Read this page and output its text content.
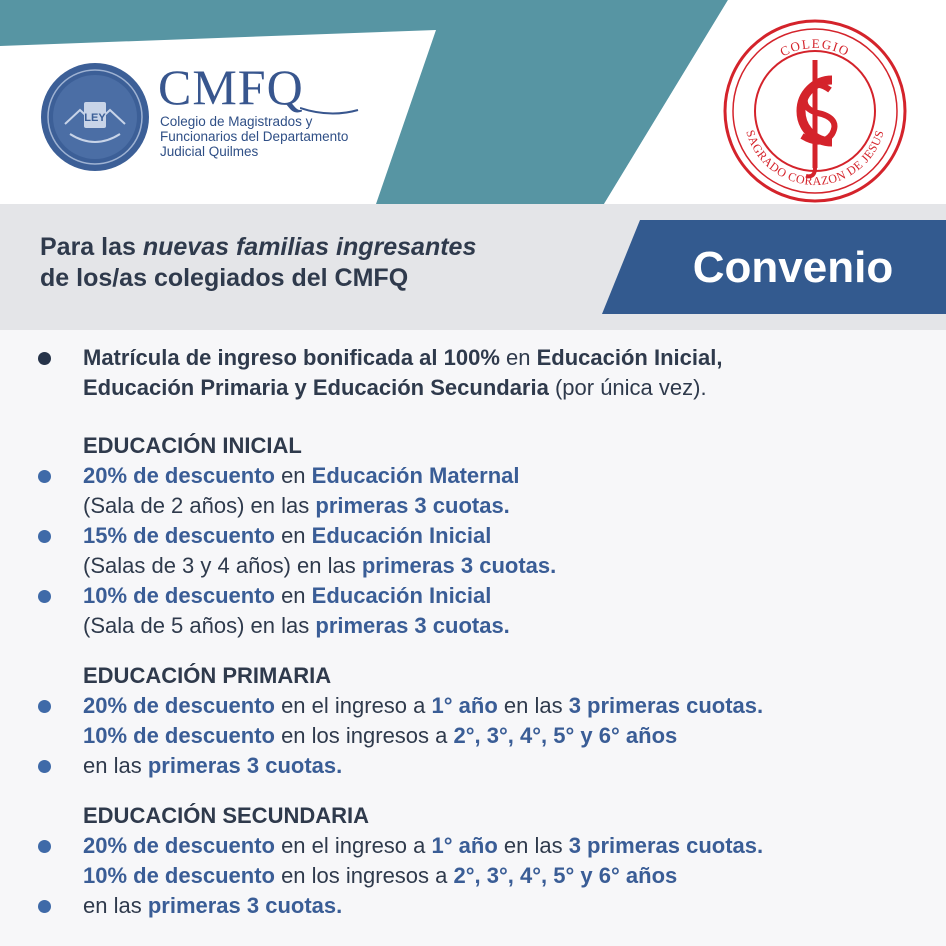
LEY
CMFQ
Colegio de Magistrados y Funcionarios del Departamento Judicial Quilmes
COLEGIO
SAGRADO CORAZON DE JESUS
Para las nuevas familias ingresantes
de los/as colegiados del CMFQ	Convenio
Matrícula de ingreso bonificada al 100% en Educación Inicial,
Educación Primaria y Educación Secundaria (por única vez).
EDUCACIÓN INICIAL
20% de descuento en Educación Maternal
(Sala de 2 años) en las primeras 3 cuotas.
15% de descuento en Educación Inicial
(Salas de 3 y 4 años) en las primeras 3 cuotas.
10% de descuento en Educación Inicial
(Sala de 5 años) en las primeras 3 cuotas.
EDUCACIÓN PRIMARIA
20% de descuento en el ingreso a 1° año en las 3 primeras cuotas.
10% de descuento en los ingresos a 2°, 3°, 4°, 5° y 6° años
en las primeras 3 cuotas.
EDUCACIÓN SECUNDARIA
20% de descuento en el ingreso a 1° año en las 3 primeras cuotas.
10% de descuento en los ingresos a 2°, 3°, 4°, 5° y 6° años
en las primeras 3 cuotas.
